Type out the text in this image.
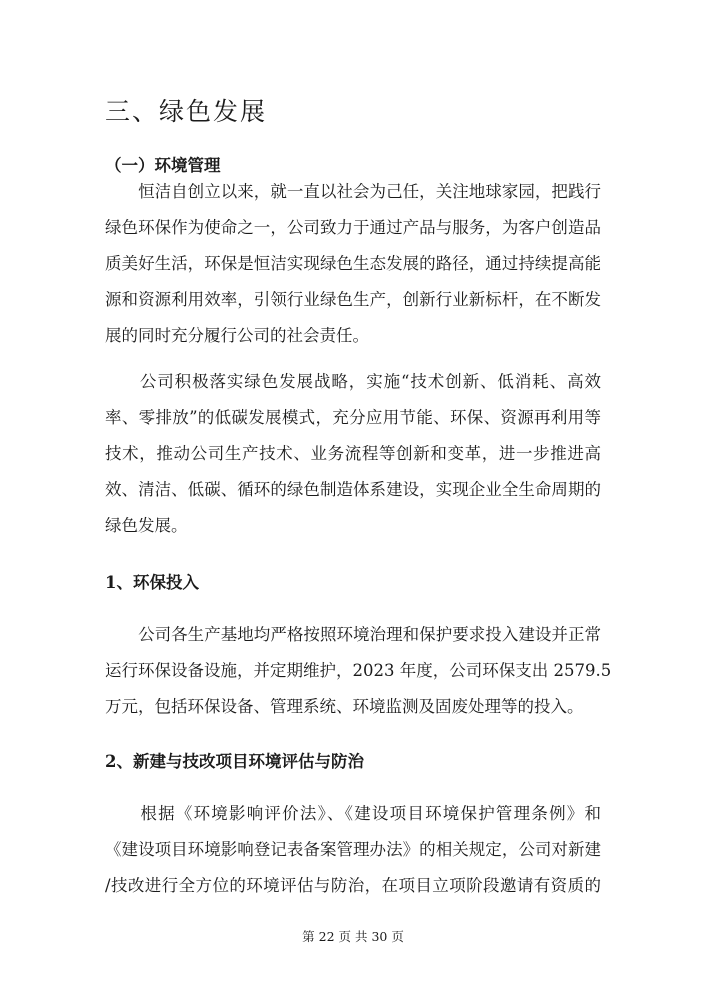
三、绿色发展
（一）环境管理
　　恒洁自创立以来，就一直以社会为己任，关注地球家园，把践行
绿色环保作为使命之一，公司致力于通过产品与服务，为客户创造品
质美好生活，环保是恒洁实现绿色生态发展的路径，通过持续提高能
源和资源利用效率，引领行业绿色生产，创新行业新标杆，在不断发
展的同时充分履行公司的社会责任。
　　公司积极落实绿色发展战略，实施“技术创新、低消耗、高效
率、零排放”的低碳发展模式，充分应用节能、环保、资源再利用等
技术，推动公司生产技术、业务流程等创新和变革，进一步推进高
效、清洁、低碳、循环的绿色制造体系建设，实现企业全生命周期的
绿色发展。
1、环保投入
　　公司各生产基地均严格按照环境治理和保护要求投入建设并正常
运行环保设备设施，并定期维护，2023 年度，公司环保支出 2579.5
万元，包括环保设备、管理系统、环境监测及固废处理等的投入。
2、新建与技改项目环境评估与防治
　　根据《环境影响评价法》、《建设项目环境保护管理条例》和
《建设项目环境影响登记表备案管理办法》的相关规定，公司对新建
/技改进行全方位的环境评估与防治，在项目立项阶段邀请有资质的
第 22 页 共 30 页
